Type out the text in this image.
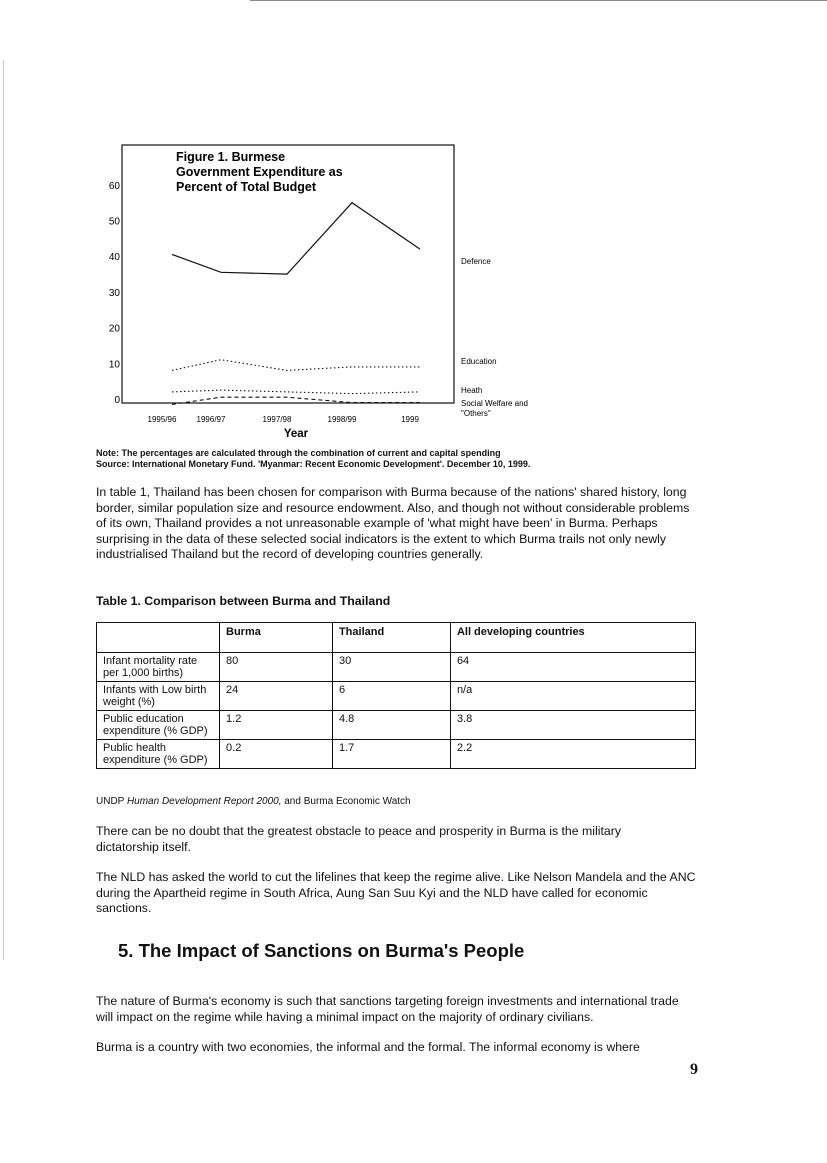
Figure 1. Burmese
Government Expenditure as
Percent of Total Budget
0
10
20
30
40
50
60
1995/96	1996/97	1997/98	1998/99	1999
Defence
Education
Heath
Social Welfare and "Others"
Year
Note: The percentages are calculated through the combination of current and capital spending
Source: International Monetary Fund. 'Myanmar: Recent Economic Development'. December 10, 1999.

In table 1, Thailand has been chosen for comparison with Burma because of the nations' shared history, long border, similar population size and resource endowment. Also, and though not without considerable problems of its own, Thailand provides a not unreasonable example of 'what might have been' in Burma. Perhaps surprising in the data of these selected social indicators is the extent to which Burma trails not only newly industrialised Thailand but the record of developing countries generally.

Table 1. Comparison between Burma and Thailand
	Burma	Thailand	All developing countries
Infant mortality rate per 1,000 births)	80	30	64
Infants with Low birth weight (%)	24	6	n/a
Public education expenditure (% GDP)	1.2	4.8	3.8
Public health expenditure (% GDP)	0.2	1.7	2.2
UNDP Human Development Report 2000, and Burma Economic Watch

There can be no doubt that the greatest obstacle to peace and prosperity in Burma is the military dictatorship itself.

The NLD has asked the world to cut the lifelines that keep the regime alive. Like Nelson Mandela and the ANC during the Apartheid regime in South Africa, Aung San Suu Kyi and the NLD have called for economic sanctions.

5. The Impact of Sanctions on Burma's People

The nature of Burma's economy is such that sanctions targeting foreign investments and international trade will impact on the regime while having a minimal impact on the majority of ordinary civilians.

Burma is a country with two economies, the informal and the formal. The informal economy is where

9
